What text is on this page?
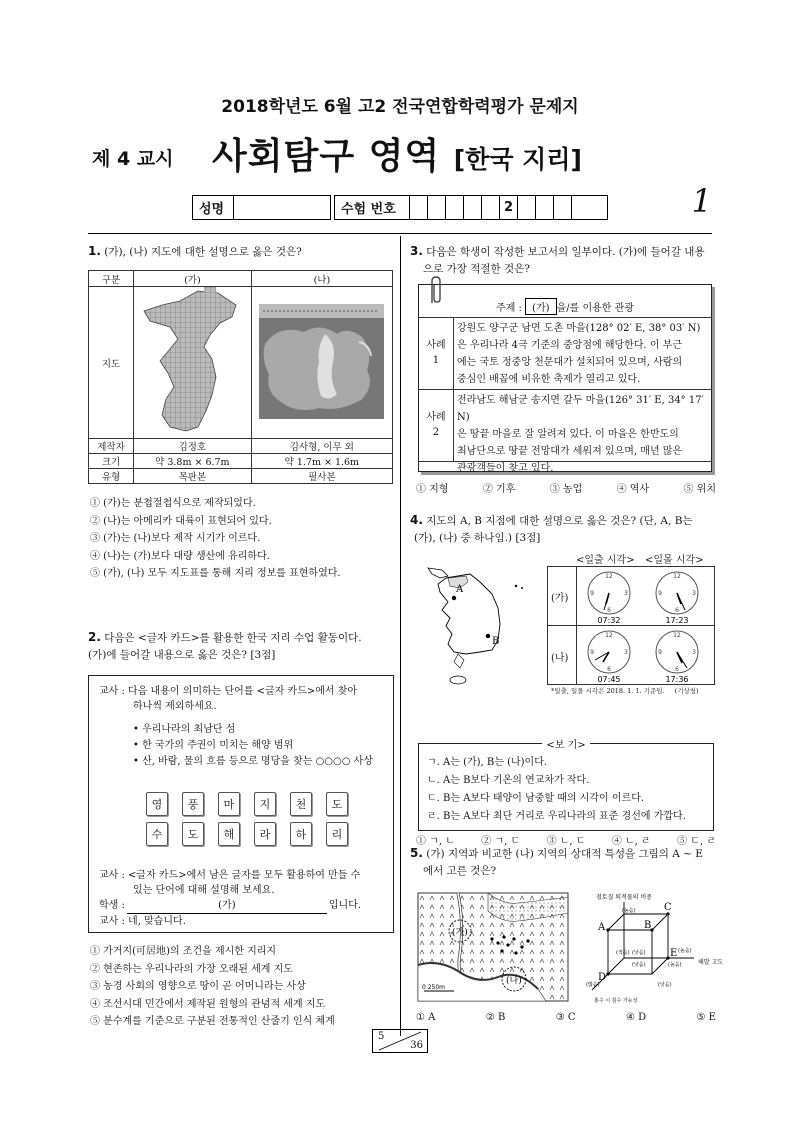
2018학년도 6월 고2 전국연합학력평가 문제지
제 4 교시 사회탐구 영역 [한국 지리]
1
성명	수험 번호	2
1. (가), (나) 지도에 대한 설명으로 옳은 것은?
구분	(가)	(나)
지도		
제작자	김정호	김사형, 이무 외
크기	약 3.8m × 6.7m	약 1.7m × 1.6m
유형	목판본	필사본
① (가)는 분첩절첩식으로 제작되었다.
② (나)는 아메리카 대륙이 표현되어 있다.
③ (가)는 (나)보다 제작 시기가 이르다.
④ (나)는 (가)보다 대량 생산에 유리하다.
⑤ (가), (나) 모두 지도표를 통해 지리 정보를 표현하였다.
2. 다음은 <글자 카드>를 활용한 한국 지리 수업 활동이다.
(가)에 들어갈 내용으로 옳은 것은? [3점]
교사 : 다음 내용이 의미하는 단어를 <글자 카드>에서 찾아
하나씩 제외하세요.
• 우리나라의 최남단 섬
• 한 국가의 주권이 미치는 해양 범위
• 산, 바람, 물의 흐름 등으로 명당을 찾는 ○○○○ 사상
영	풍	마	지	천	도
수	도	해	라	하	리
교사 : <글자 카드>에서 남은 글자를 모두 활용하여 만들 수
있는 단어에 대해 설명해 보세요.
학생 :	(가)	입니다.
교사 : 네, 맞습니다.
① 가거지(可居地)의 조건을 제시한 지리지
② 현존하는 우리나라의 가장 오래된 세계 지도
③ 농경 사회의 영향으로 땅이 곧 어머니라는 사상
④ 조선시대 민간에서 제작된 원형의 관념적 세계 지도
⑤ 분수계를 기준으로 구분된 전통적인 산줄기 인식 체계
3. 다음은 학생이 작성한 보고서의 일부이다. (가)에 들어갈 내용
으로 가장 적절한 것은?
주제 : (가) 을/를 이용한 관광
사례
1
강원도 양구군 남면 도촌 마을(128° 02′ E, 38° 03′ N)
은 우리나라 4극 기준의 중앙점에 해당한다. 이 부근
에는 국토 정중앙 천문대가 설치되어 있으며, 사람의
중심인 배꼽에 비유한 축제가 열리고 있다.
사례
2
전라남도 해남군 송지면 갈두 마을(126° 31′ E, 34° 17′ N)
은 땅끝 마을로 잘 알려져 있다. 이 마을은 한반도의
최남단으로 땅끝 전망대가 세워져 있으며, 매년 많은
관광객들이 찾고 있다.
① 지형	② 기후	③ 농업	④ 역사	⑤ 위치
4. 지도의 A, B 지점에 대한 설명으로 옳은 것은? (단, A, B는
(가), (나) 중 하나임.) [3점]
A
B
<일출 시각> <일몰 시각>
(가)
(나)
12
3
6
9
12
3
6
9
12
3
6
9
12
3
6
9
07:32	17:23
07:45	17:36
*일출, 일몰 시각은 2018. 1. 1. 기준임. (기상청)
<보 기>
ㄱ. A는 (가), B는 (나)이다.
ㄴ. A는 B보다 기온의 연교차가 작다.
ㄷ. B는 A보다 태양이 남중할 때의 시각이 이르다.
ㄹ. B는 A보다 최단 거리로 우리나라의 표준 경선에 가깝다.
① ㄱ, ㄴ	② ㄱ, ㄷ	③ ㄴ, ㄷ	④ ㄴ, ㄹ	⑤ ㄷ, ㄹ
5. (가) 지역과 비교한 (나) 지역의 상대적 특성을 그림의 A ~ E
에서 고른 것은?
(가)
(나)
0 250m
점토질 퇴적물의 비중
(높음)
(적음) (낮음)
(낮음)	(높음)
(많음)	(낮음)
(높음)
해발 고도
홍수 시 침수 가능성
A	B
C
D
E
① A	② B	③ C	④ D	⑤ E
5
36
